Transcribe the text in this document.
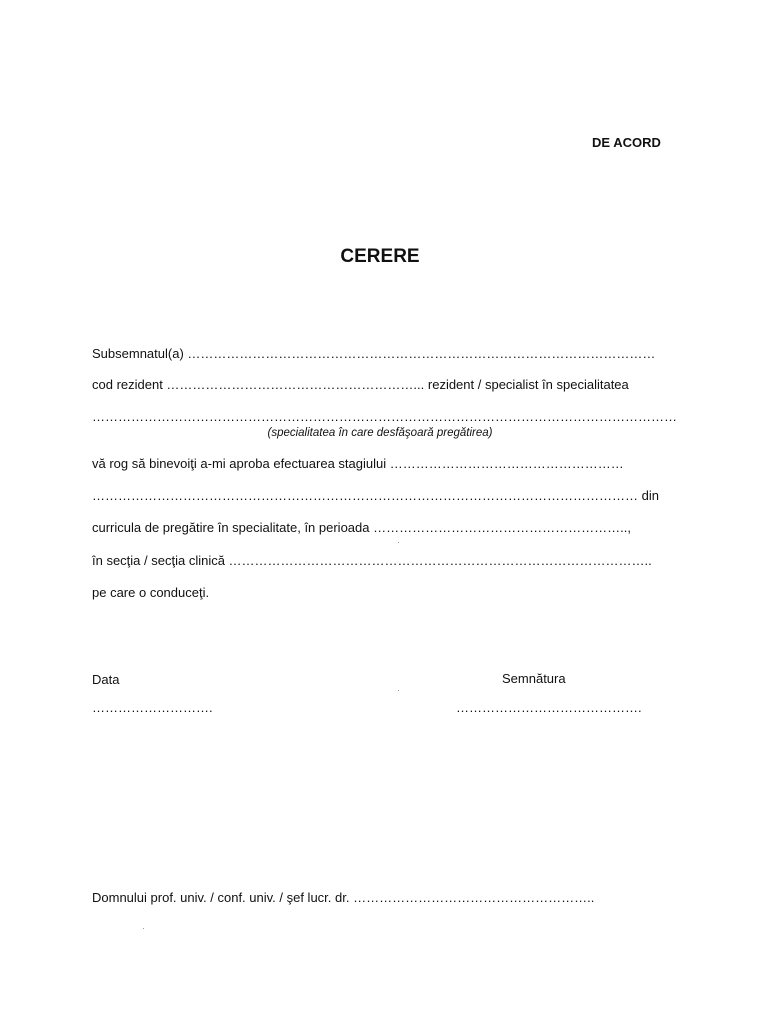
DE ACORD
CERERE
Subsemnatul(a) ………………………………………………………………………………………………
cod rezident …………………………………………………... rezident / specialist în specialitatea
………………………………………………………………………………………………………………………
(specialitatea în care desfăşoară pregătirea)
vă rog să binevoiţi a-mi aproba efectuarea stagiului ………………………………………………
……………………………………………………………………………………………………………… din
curricula de pregătire în specialitate, în perioada …………………………………………………..,
în secţia / secţia clinică ……………………………………………………………………………………..
pe care o conduceţi.
Data
……………………….
Semnătura
…………………………………….
Domnului prof. univ. / conf. univ. / şef lucr. dr. ………………………………………………..
